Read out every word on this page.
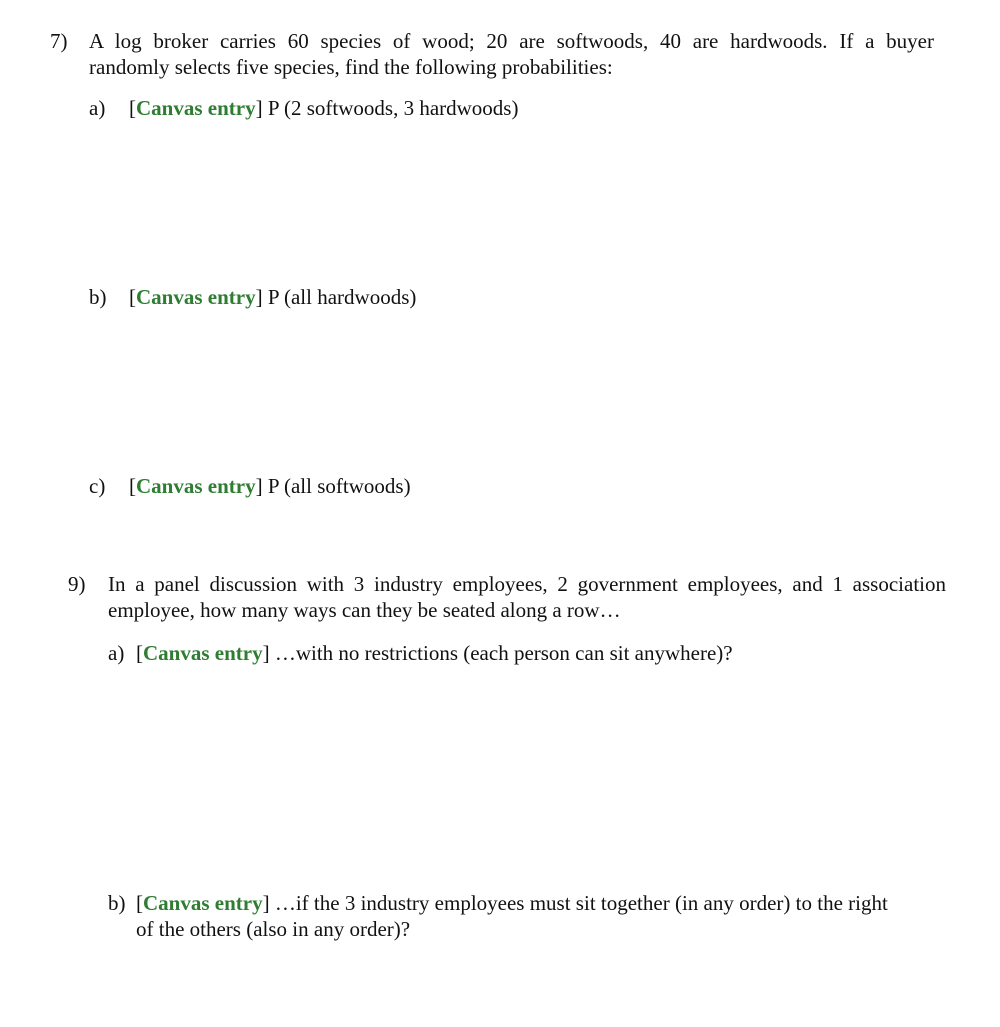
7) A log broker carries 60 species of wood; 20 are softwoods, 40 are hardwoods. If a buyer
randomly selects five species, find the following probabilities:
a) [Canvas entry] P (2 softwoods, 3 hardwoods)
b) [Canvas entry] P (all hardwoods)
c) [Canvas entry] P (all softwoods)
9) In a panel discussion with 3 industry employees, 2 government employees, and 1 association
employee, how many ways can they be seated along a row…
a) [Canvas entry] …with no restrictions (each person can sit anywhere)?
b) [Canvas entry] …if the 3 industry employees must sit together (in any order) to the right
of the others (also in any order)?
